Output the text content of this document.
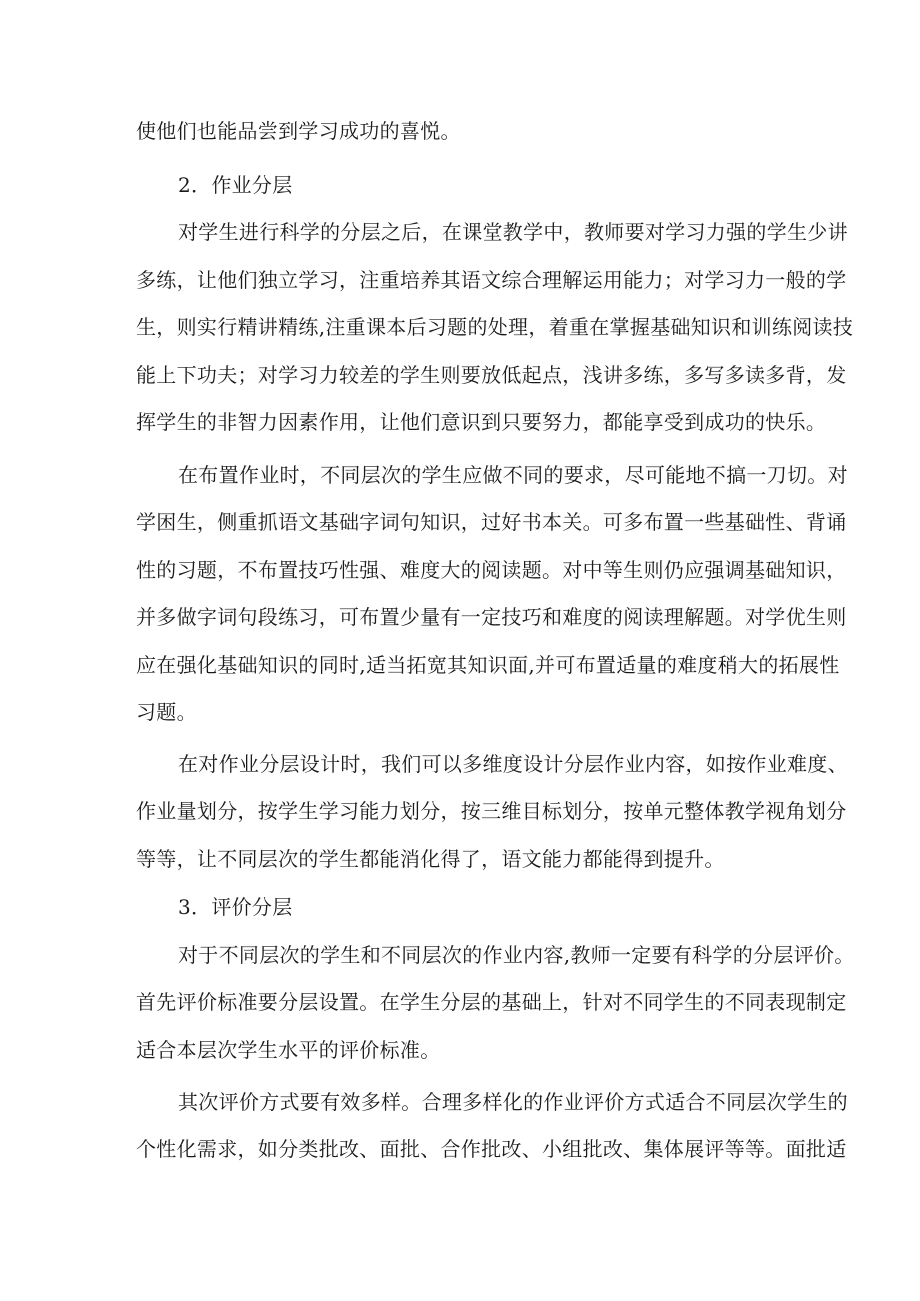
使他们也能品尝到学习成功的喜悦。
2．作业分层
对学生进行科学的分层之后，在课堂教学中，教师要对学习力强的学生少讲
多练，让他们独立学习，注重培养其语文综合理解运用能力；对学习力一般的学
生，则实行精讲精练,注重课本后习题的处理，着重在掌握基础知识和训练阅读技
能上下功夫；对学习力较差的学生则要放低起点，浅讲多练，多写多读多背，发
挥学生的非智力因素作用，让他们意识到只要努力，都能享受到成功的快乐。
在布置作业时，不同层次的学生应做不同的要求，尽可能地不搞一刀切。对
学困生，侧重抓语文基础字词句知识，过好书本关。可多布置一些基础性、背诵
性的习题，不布置技巧性强、难度大的阅读题。对中等生则仍应强调基础知识，
并多做字词句段练习，可布置少量有一定技巧和难度的阅读理解题。对学优生则
应在强化基础知识的同时,适当拓宽其知识面,并可布置适量的难度稍大的拓展性
习题。
在对作业分层设计时，我们可以多维度设计分层作业内容，如按作业难度、
作业量划分，按学生学习能力划分，按三维目标划分，按单元整体教学视角划分
等等，让不同层次的学生都能消化得了，语文能力都能得到提升。
3．评价分层
对于不同层次的学生和不同层次的作业内容,教师一定要有科学的分层评价。
首先评价标准要分层设置。在学生分层的基础上，针对不同学生的不同表现制定
适合本层次学生水平的评价标准。
其次评价方式要有效多样。合理多样化的作业评价方式适合不同层次学生的
个性化需求，如分类批改、面批、合作批改、小组批改、集体展评等等。面批适
